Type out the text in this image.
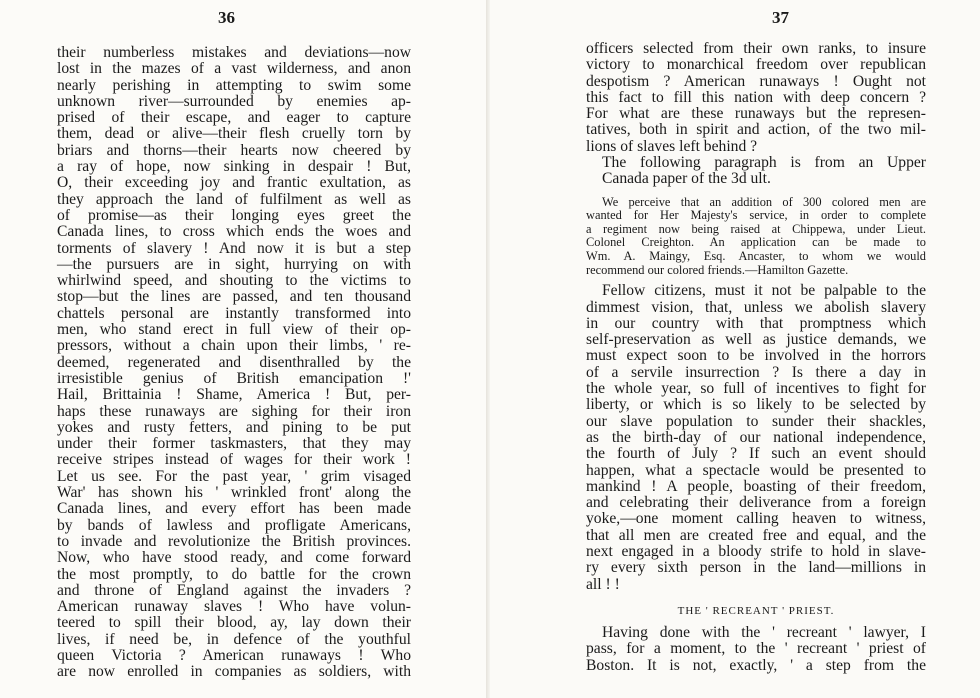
36
their numberless mistakes and deviations—now
lost in the mazes of a vast wilderness, and anon
nearly perishing in attempting to swim some
unknown river—surrounded by enemies ap-
prised of their escape, and eager to capture
them, dead or alive—their flesh cruelly torn by
briars and thorns—their hearts now cheered by
a ray of hope, now sinking in despair ! But,
O, their exceeding joy and frantic exultation, as
they approach the land of fulfilment as well as
of promise—as their longing eyes greet the
Canada lines, to cross which ends the woes and
torments of slavery ! And now it is but a step
—the pursuers are in sight, hurrying on with
whirlwind speed, and shouting to the victims to
stop—but the lines are passed, and ten thousand
chattels personal are instantly transformed into
men, who stand erect in full view of their op-
pressors, without a chain upon their limbs, ' re-
deemed, regenerated and disenthralled by the
irresistible genius of British emancipation !'
Hail, Brittainia ! Shame, America ! But, per-
haps these runaways are sighing for their iron
yokes and rusty fetters, and pining to be put
under their former taskmasters, that they may
receive stripes instead of wages for their work !
Let us see. For the past year, ' grim visaged
War' has shown his ' wrinkled front' along the
Canada lines, and every effort has been made
by bands of lawless and profligate Americans,
to invade and revolutionize the British provinces.
Now, who have stood ready, and come forward
the most promptly, to do battle for the crown
and throne of England against the invaders ?
American runaway slaves ! Who have volun-
teered to spill their blood, ay, lay down their
lives, if need be, in defence of the youthful
queen Victoria ? American runaways ! Who
are now enrolled in companies as soldiers, with
37
officers selected from their own ranks, to insure
victory to monarchical freedom over republican
despotism ? American runaways ! Ought not
this fact to fill this nation with deep concern ?
For what are these runaways but the represen-
tatives, both in spirit and action, of the two mil-
lions of slaves left behind ?
The following paragraph is from an Upper
Canada paper of the 3d ult.
We perceive that an addition of 300 colored men are
wanted for Her Majesty's service, in order to complete
a regiment now being raised at Chippewa, under Lieut.
Colonel Creighton. An application can be made to
Wm. A. Maingy, Esq. Ancaster, to whom we would
recommend our colored friends.—Hamilton Gazette.
Fellow citizens, must it not be palpable to the
dimmest vision, that, unless we abolish slavery
in our country with that promptness which
self-preservation as well as justice demands, we
must expect soon to be involved in the horrors
of a servile insurrection ? Is there a day in
the whole year, so full of incentives to fight for
liberty, or which is so likely to be selected by
our slave population to sunder their shackles,
as the birth-day of our national independence,
the fourth of July ? If such an event should
happen, what a spectacle would be presented to
mankind ! A people, boasting of their freedom,
and celebrating their deliverance from a foreign
yoke,—one moment calling heaven to witness,
that all men are created free and equal, and the
next engaged in a bloody strife to hold in slave-
ry every sixth person in the land—millions in
all ! !
THE ' RECREANT ' PRIEST.
Having done with the ' recreant ' lawyer, I
pass, for a moment, to the ' recreant ' priest of
Boston. It is not, exactly, ' a step from the
